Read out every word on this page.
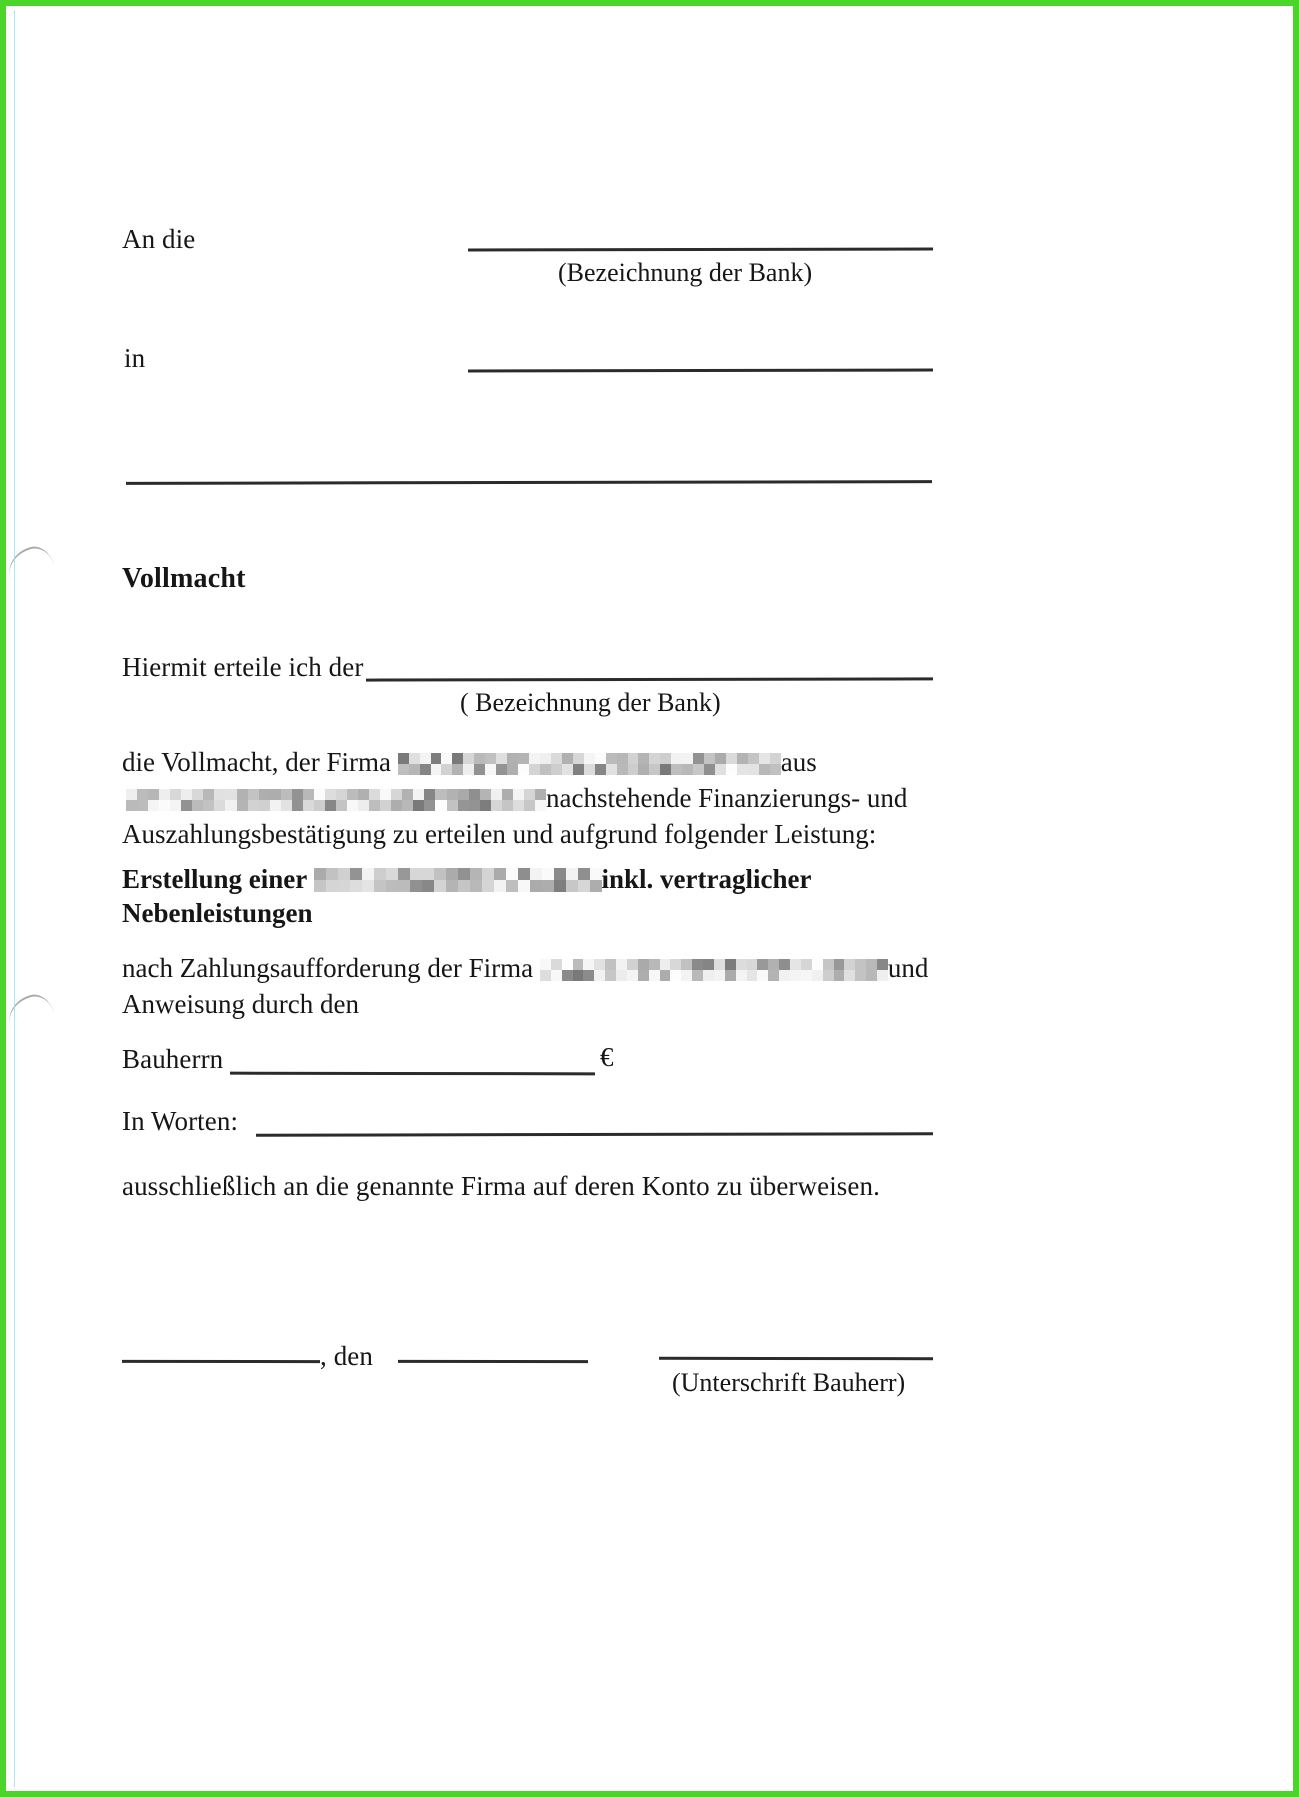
An die
(Bezeichnung der Bank)
in
Vollmacht
Hiermit erteile ich der
( Bezeichnung der Bank)
die Vollmacht, der Firma	aus

nachstehende Finanzierungs- und
Auszahlungsbestätigung zu erteilen und aufgrund folgender Leistung:
Erstellung einer	inkl. vertraglicher
Nebenleistungen
nach Zahlungsaufforderung der Firma	und
Anweisung durch den
Bauherrn	€
In Worten:
ausschließlich an die genannte Firma auf deren Konto zu überweisen.
, den
(Unterschrift Bauherr)
